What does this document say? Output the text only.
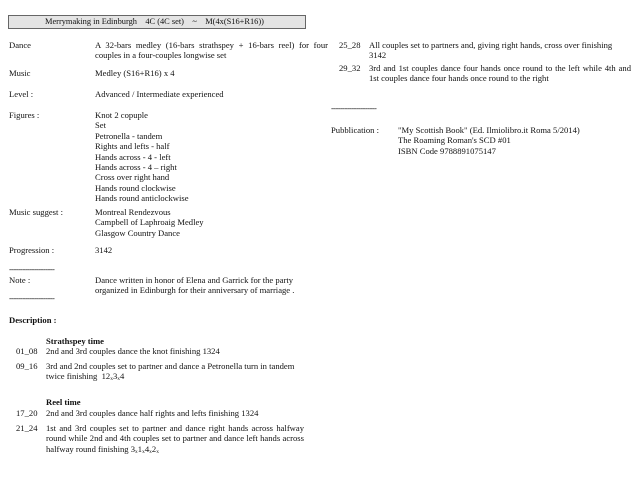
Merrymaking in Edinburgh    4C (4C set)    ~    M(4x(S16+R16))
Dance	A 32-bars medley (16-bars strathspey + 16-bars reel) for four couples in a four-couples longwise set
Music	Medley (S16+R16) x 4
Level :	Advanced / Intermediate experienced
Figures :	Knot 2 copuple
Set
Petronella - tandem
Rights and lefts - half
Hands across - 4 - left
Hands across - 4 – right
Cross over right hand
Hands round clockwise
Hands round anticlockwise
Music suggest :	Montreal Rendezvous
Campbell of Laphroaig Medley
Glasgow Country Dance
Progression :	3142
--------------------
Note :	Dance written in honor of Elena and Garrick for the party organized in Edinburgh for their anniversary of marriage .
--------------------
Description :
Strathspey time
01_08 2nd and 3rd couples dance the knot finishing 1324
09_16 3rd and 2nd couples set to partner and dance a Petronella turn in tandem twice finishing $12_x3_x4$
Reel time
17_20 2nd and 3rd couples dance half rights and lefts finishing 1324
21_24 1st and 3rd couples set to partner and dance right hands across halfway round while 2nd and 4th couples set to partner and dance left hands across halfway round finishing $3_x1_x4_x2_x$
25_28 All couples set to partners and, giving right hands, cross over finishing 3142
29_32 3rd and 1st couples dance four hands once round to the left while 4th and 1st couples dance four hands once round to the right
--------------------
Pubblication : "My Scottish Book" (Ed. Ilmiolibro.it Roma 5/2014)
The Roaming Roman's SCD #01
ISBN Code 9788891075147
